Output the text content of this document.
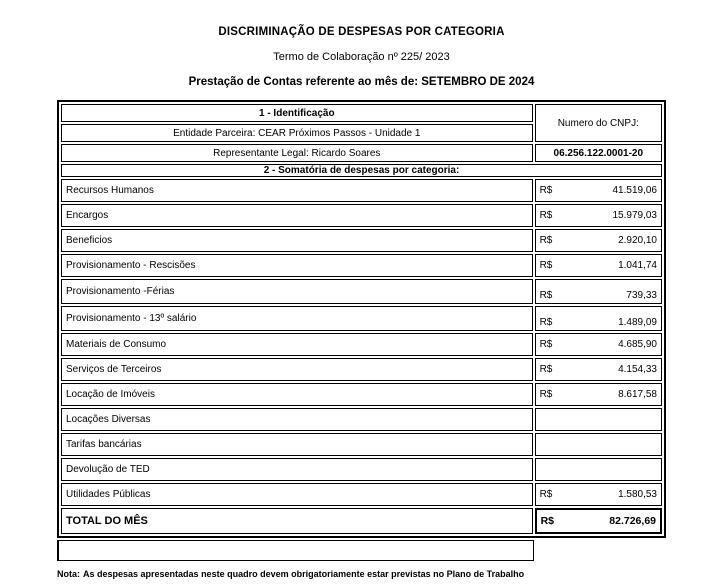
DISCRIMINAÇÃO DE DESPESAS POR CATEGORIA
Termo de Colaboração nº 225/ 2023
Prestação de Contas referente ao mês de: SETEMBRO DE 2024
1 - Identificação	Numero do CNPJ:
Entidade Parceira: CEAR Próximos Passos - Unidade 1	
Representante Legal: Ricardo Soares	06.256.122.0001-20
2 - Somatória de despesas por categoria:	
Recursos Humanos	R$ 41.519,06

Encargos	R$ 15.979,03

Beneficios	R$ 2.920,10

Provisionamento - Rescisões	R$ 1.041,74

Provisionamento -Férias	R$ 739,33

Provisionamento - 13º salário	R$ 1.489,09

Materiais de Consumo	R$ 4.685,90

Serviços de Terceiros	R$ 4.154,33

Locação de Imóveis	R$ 8.617,58

Locações Diversas	

Tarifas bancárias	

Devolução de TED	

Utilidades Públicas	R$ 1.580,53

TOTAL DO MÊS	R$ 82.726,69
Nota: As despesas apresentadas neste quadro devem obrigatoriamente estar previstas no Plano de Trabalho
